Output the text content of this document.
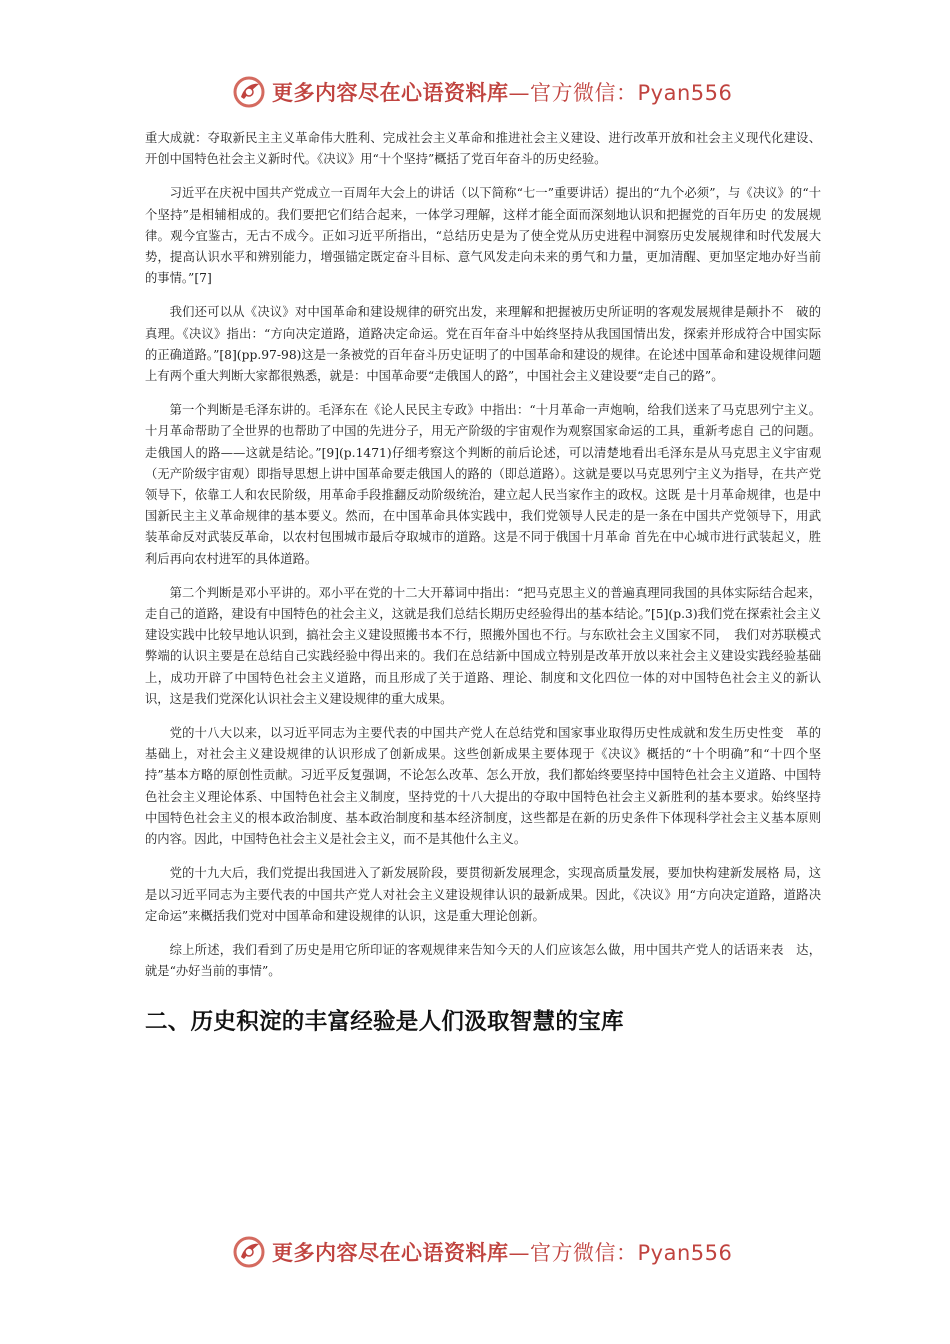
更多内容尽在心语资料库—官方微信：Pyan556

重大成就：夺取新民主主义革命伟大胜利、完成社会主义革命和推进社会主义建设、进行改革开放和社会主义现代化建设、开创中国特色社会主义新时代。《决议》用“十个坚持”概括了党百年奋斗的历史经验。

习近平在庆祝中国共产党成立一百周年大会上的讲话（以下简称“七一”重要讲话）提出的“九个必须”，与《决议》的“十个坚持”是相辅相成的。我们要把它们结合起来，一体学习理解，这样才能全面而深刻地认识和把握党的百年历史 的发展规律。观今宜鉴古，无古不成今。正如习近平所指出，“总结历史是为了使全党从历史进程中洞察历史发展规律和时代发展大势，提高认识水平和辨别能力，增强锚定既定奋斗目标、意气风发走向未来的勇气和力量，更加清醒、更加坚定地办好当前的事情。”[7]

我们还可以从《决议》对中国革命和建设规律的研究出发，来理解和把握被历史所证明的客观发展规律是颠扑不　破的真理。《决议》指出：“方向决定道路，道路决定命运。党在百年奋斗中始终坚持从我国国情出发，探索并形成符合中国实际的正确道路。”[8](pp.97-98)这是一条被党的百年奋斗历史证明了的中国革命和建设的规律。在论述中国革命和建设规律问题上有两个重大判断大家都很熟悉，就是：中国革命要“走俄国人的路”，中国社会主义建设要“走自己的路”。

第一个判断是毛泽东讲的。毛泽东在《论人民民主专政》中指出：“十月革命一声炮响，给我们送来了马克思列宁主义。十月革命帮助了全世界的也帮助了中国的先进分子，用无产阶级的宇宙观作为观察国家命运的工具，重新考虑自 己的问题。走俄国人的路——这就是结论。”[9](p.1471)仔细考察这个判断的前后论述，可以清楚地看出毛泽东是从马克思主义宇宙观（无产阶级宇宙观）即指导思想上讲中国革命要走俄国人的路的（即总道路）。这就是要以马克思列宁主义为指导，在共产党领导下，依靠工人和农民阶级，用革命手段推翻反动阶级统治，建立起人民当家作主的政权。这既 是十月革命规律，也是中国新民主主义革命规律的基本要义。然而，在中国革命具体实践中，我们党领导人民走的是一条在中国共产党领导下，用武装革命反对武装反革命，以农村包围城市最后夺取城市的道路。这是不同于俄国十月革命 首先在中心城市进行武装起义，胜利后再向农村进军的具体道路。

第二个判断是邓小平讲的。邓小平在党的十二大开幕词中指出：“把马克思主义的普遍真理同我国的具体实际结合起来，走自己的道路，建设有中国特色的社会主义，这就是我们总结长期历史经验得出的基本结论。”[5](p.3)我们党在探索社会主义建设实践中比较早地认识到，搞社会主义建设照搬书本不行，照搬外国也不行。与东欧社会主义国家不同，　我们对苏联模式弊端的认识主要是在总结自己实践经验中得出来的。我们在总结新中国成立特别是改革开放以来社会主义建设实践经验基础上，成功开辟了中国特色社会主义道路，而且形成了关于道路、理论、制度和文化四位一体的对中国特色社会主义的新认识，这是我们党深化认识社会主义建设规律的重大成果。

党的十八大以来，以习近平同志为主要代表的中国共产党人在总结党和国家事业取得历史性成就和发生历史性变　革的基础上，对社会主义建设规律的认识形成了创新成果。这些创新成果主要体现于《决议》概括的“十个明确”和“十四个坚持”基本方略的原创性贡献。习近平反复强调，不论怎么改革、怎么开放，我们都始终要坚持中国特色社会主义道路、中国特色社会主义理论体系、中国特色社会主义制度，坚持党的十八大提出的夺取中国特色社会主义新胜利的基本要求。始终坚持中国特色社会主义的根本政治制度、基本政治制度和基本经济制度，这些都是在新的历史条件下体现科学社会主义基本原则的内容。因此，中国特色社会主义是社会主义，而不是其他什么主义。

党的十九大后，我们党提出我国进入了新发展阶段，要贯彻新发展理念，实现高质量发展，要加快构建新发展格 局，这是以习近平同志为主要代表的中国共产党人对社会主义建设规律认识的最新成果。因此，《决议》用“方向决定道路，道路决定命运”来概括我们党对中国革命和建设规律的认识，这是重大理论创新。

综上所述，我们看到了历史是用它所印证的客观规律来告知今天的人们应该怎么做，用中国共产党人的话语来表　达，就是“办好当前的事情”。

二、历史积淀的丰富经验是人们汲取智慧的宝库
更多内容尽在心语资料库—官方微信：Pyan556
